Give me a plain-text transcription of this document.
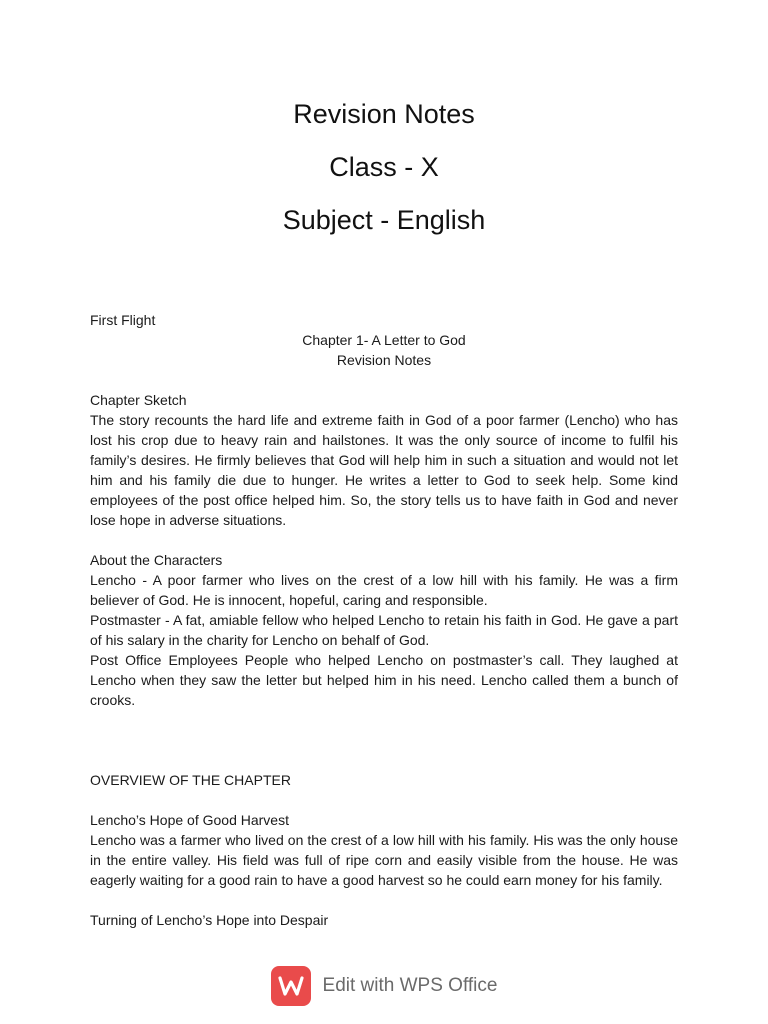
Revision Notes
Class - X
Subject - English

First Flight

Chapter 1- A Letter to God

Revision Notes

Chapter Sketch

The story recounts the hard life and extreme faith in God of a poor farmer (Lencho) who has lost his crop due to heavy rain and hailstones. It was the only source of income to fulfil his family’s desires. He firmly believes that God will help him in such a situation and would not let him and his family die due to hunger. He writes a letter to God to seek help. Some kind employees of the post office helped him. So, the story tells us to have faith in God and never lose hope in adverse situations.

About the Characters

Lencho - A poor farmer who lives on the crest of a low hill with his family. He was a firm believer of God. He is innocent, hopeful, caring and responsible.

Postmaster - A fat, amiable fellow who helped Lencho to retain his faith in God. He gave a part of his salary in the charity for Lencho on behalf of God.

Post Office Employees People who helped Lencho on postmaster’s call. They laughed at Lencho when they saw the letter but helped him in his need. Lencho called them a bunch of crooks.

OVERVIEW OF THE CHAPTER

Lencho’s Hope of Good Harvest

Lencho was a farmer who lived on the crest of a low hill with his family. His was the only house in the entire valley. His field was full of ripe corn and easily visible from the house. He was eagerly waiting for a good rain to have a good harvest so he could earn money for his family.

Turning of Lencho’s Hope into Despair

Edit with WPS Office
